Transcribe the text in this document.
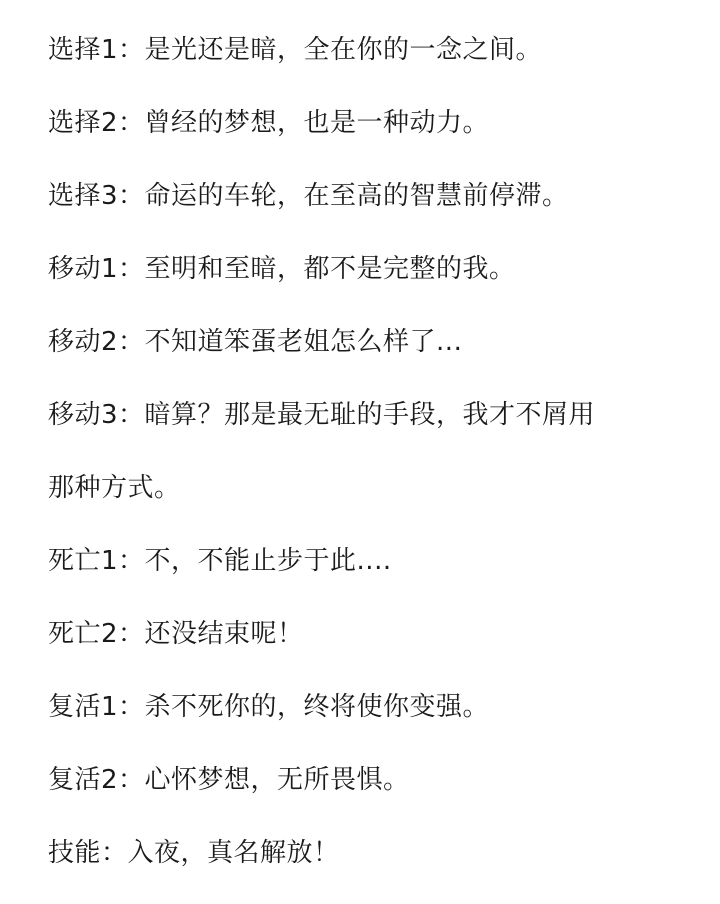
选择1：是光还是暗，全在你的一念之间。
选择2：曾经的梦想，也是一种动力。
选择3：命运的车轮，在至高的智慧前停滞。
移动1：至明和至暗，都不是完整的我。
移动2：不知道笨蛋老姐怎么样了...
移动3：暗算？那是最无耻的手段，我才不屑用
那种方式。
死亡1：不，不能止步于此....
死亡2：还没结束呢！
复活1：杀不死你的，终将使你变强。
复活2：心怀梦想，无所畏惧。
技能：入夜，真名解放！
